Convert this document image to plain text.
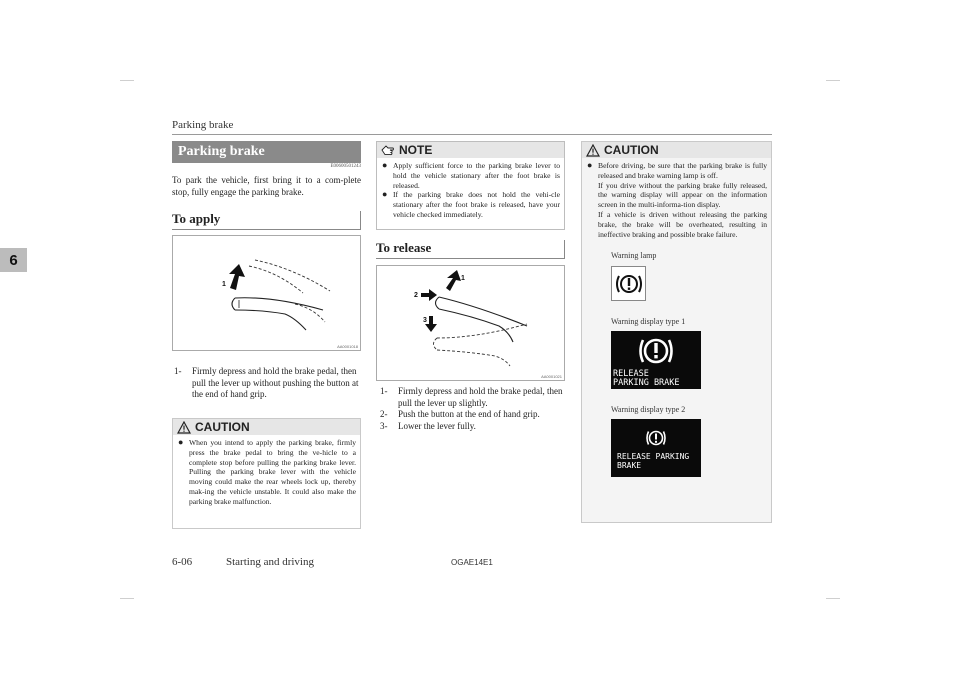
Parking brake
6
Parking brake
E00600501243
To park the vehicle, first bring it to a com-plete stop, fully engage the parking brake.
To apply
1
AA0001018
1-	Firmly depress and hold the brake pedal, then pull the lever up without pushing the button at the end of hand grip.
CAUTION
● When you intend to apply the parking brake, firmly press the brake pedal to bring the ve-hicle to a complete stop before pulling the parking brake lever. Pulling the parking brake lever with the vehicle moving could make the rear wheels lock up, thereby mak-ing the vehicle unstable. It could also make the parking brake malfunction.
NOTE
● Apply sufficient force to the parking brake lever to hold the vehicle stationary after the foot brake is released.
● If the parking brake does not hold the vehi-cle stationary after the foot brake is released, have your vehicle checked immediately.
To release
1
2
3
AA0001021
1-	Firmly depress and hold the brake pedal, then pull the lever up slightly.
2-	Push the button at the end of hand grip.
3-	Lower the lever fully.
CAUTION
● Before driving, be sure that the parking brake is fully released and brake warning lamp is off.
If you drive without the parking brake fully released, the warning display will appear on the information screen in the multi-informa-tion display.
If a vehicle is driven without releasing the parking brake, the brake will be overheated, resulting in ineffective braking and possible brake failure.
Warning lamp
Warning display type 1
RELEASE
PARKING BRAKE
Warning display type 2
RELEASE PARKING
BRAKE
6-06	Starting and driving	OGAE14E1
